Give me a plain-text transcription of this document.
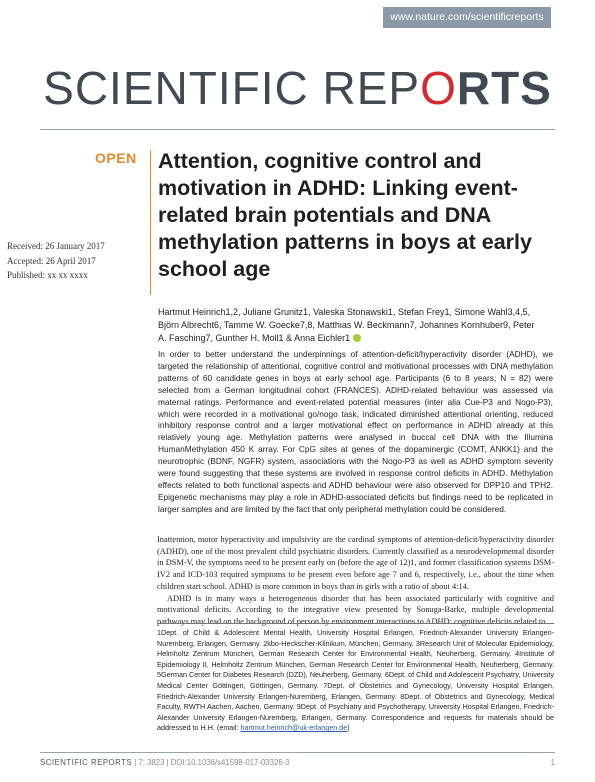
www.nature.com/scientificreports
SCIENTIFIC REPORTS
OPEN Attention, cognitive control and motivation in ADHD: Linking event-related brain potentials and DNA methylation patterns in boys at early school age
Received: 26 January 2017
Accepted: 26 April 2017
Published: xx xx xxxx
Hartmut Heinrich1,2, Juliane Grunitz1, Valeska Stonawski1, Stefan Frey1, Simone Wahl3,4,5,
Björn Albrecht6, Tamme W. Goecke7,8, Matthias W. Beckmann7, Johannes Kornhuber9, Peter
A. Fasching7, Gunther H. Moll1 & Anna Eichler1
In order to better understand the underpinnings of attention-deficit/hyperactivity disorder (ADHD), we targeted the relationship of attentional, cognitive control and motivational processes with DNA methylation patterns of 60 candidate genes in boys at early school age. Participants (6 to 8 years; N = 82) were selected from a German longitudinal cohort (FRANCES). ADHD-related behaviour was assessed via maternal ratings. Performance and event-related potential measures (inter alia Cue-P3 and Nogo-P3), which were recorded in a motivational go/nogo task, indicated diminished attentional orienting, reduced inhibitory response control and a larger motivational effect on performance in ADHD already at this relatively young age. Methylation patterns were analysed in buccal cell DNA with the Illumina HumanMethylation 450 K array. For CpG sites at genes of the dopaminergic (COMT, ANKK1) and the neurotrophic (BDNF, NGFR) system, associations with the Nogo-P3 as well as ADHD symptom severity were found suggesting that these systems are involved in response control deficits in ADHD. Methylation effects related to both functional aspects and ADHD behaviour were also observed for DPP10 and TPH2. Epigenetic mechanisms may play a role in ADHD-associated deficits but findings need to be replicated in larger samples and are limited by the fact that only peripheral methylation could be considered.

Inattention, motor hyperactivity and impulsivity are the cardinal symptoms of attention-deficit/hyperactivity disorder (ADHD), one of the most prevalent child psychiatric disorders. Currently classified as a neurodevelopmental disorder in DSM-V, the symptoms need to be present early on (before the age of 12)1, and former classification systems DSM-IV2 and ICD-103 required symptoms to be present even before age 7 and 6, respectively, i.e., about the time when children start school. ADHD is more common in boys than in girls with a ratio of about 4:14.

ADHD is in many ways a heterogeneous disorder that has been associated particularly with cognitive and motivational deficits. According to the integrative view presented by Sonuga-Barke, multiple developmental pathways may lead on the background of person by environment interactions to ADHD: cognitive deficits related to

1Dept. of Child & Adolescent Mental Health, University Hospital Erlangen, Friedrich-Alexander University Erlangen-Nuremberg, Erlangen, Germany. 2kbo-Heckscher-Klinikum, München, Germany. 3Research Unit of Molecular Epidemiology, Helmholtz Zentrum München, German Research Center for Environmental Health, Neuherberg, Germany. 4Institute of Epidemiology II, Helmholtz Zentrum München, German Research Center for Environmental Health, Neuherberg, Germany. 5German Center for Diabetes Research (DZD), Neuherberg, Germany. 6Dept. of Child and Adolescent Psychiatry, University Medical Center Göttingen, Göttingen, Germany. 7Dept. of Obstetrics and Gynecology, University Hospital Erlangen, Friedrich-Alexander University Erlangen-Nuremberg, Erlangen, Germany. 8Dept. of Obstetrics and Gynecology, Medical Faculty, RWTH Aachen, Aachen, Germany. 9Dept. of Psychiatry and Psychotherapy, University Hospital Erlangen, Friedrich-Alexander University Erlangen-Nuremberg, Erlangen, Germany. Correspondence and requests for materials should be addressed to H.H. (email: hartmut.heinrich@uk-erlangen.de)
SCIENTIFIC REPORTS | 7: 3823 | DOI:10.1038/s41598-017-03326-3	1
